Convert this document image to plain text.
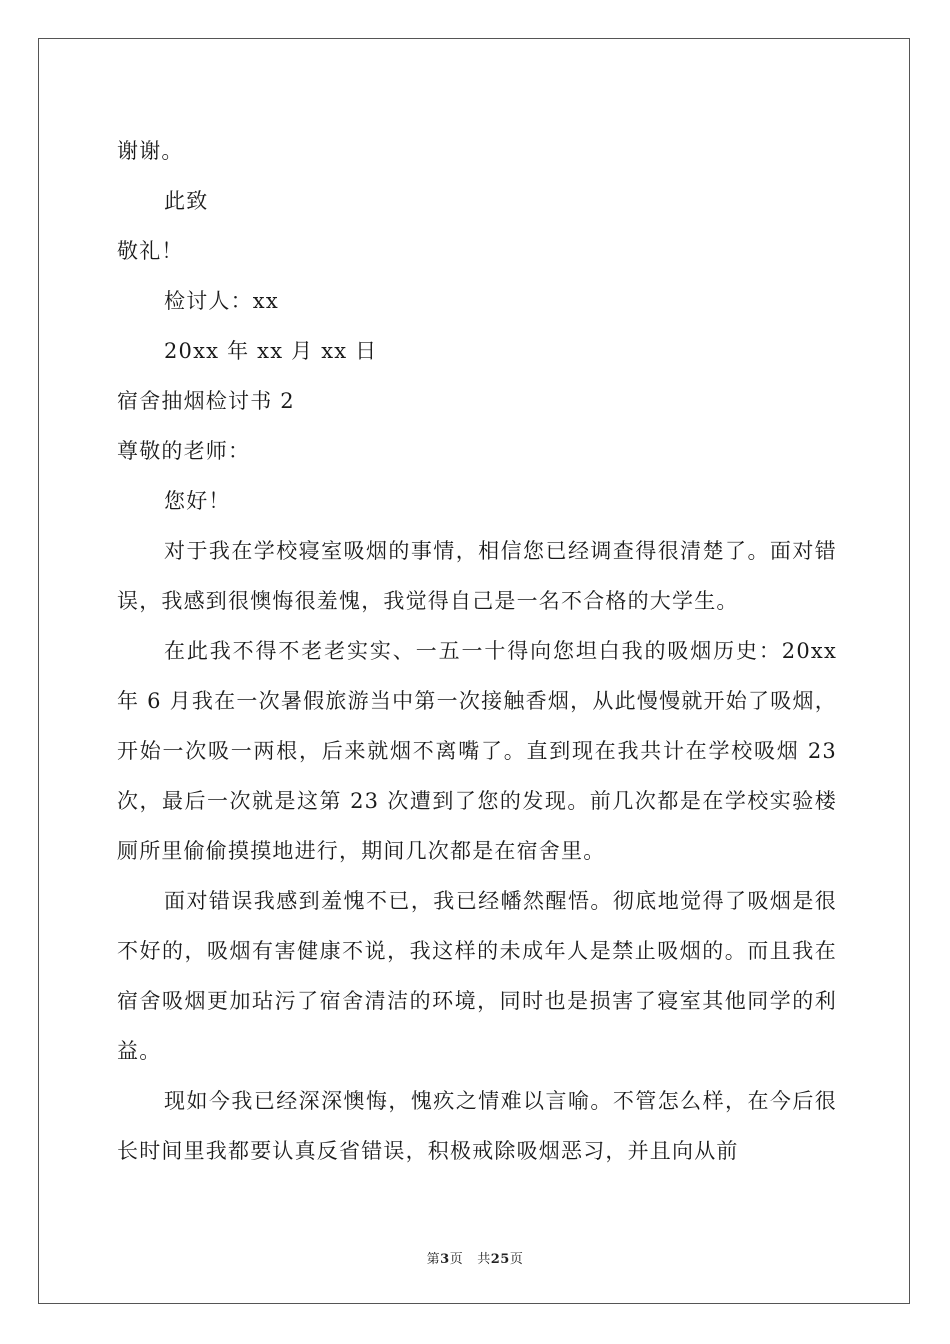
谢谢。
此致
敬礼！
检讨人：xx
20xx 年 xx 月 xx 日
宿舍抽烟检讨书 2
尊敬的老师：
您好！

对于我在学校寝室吸烟的事情，相信您已经调查得很清楚了。面对错误，我感到很懊悔很羞愧，我觉得自己是一名不合格的大学生。

在此我不得不老老实实、一五一十得向您坦白我的吸烟历史：20xx 年 6 月我在一次暑假旅游当中第一次接触香烟，从此慢慢就开始了吸烟，开始一次吸一两根，后来就烟不离嘴了。直到现在我共计在学校吸烟 23 次，最后一次就是这第 23 次遭到了您的发现。前几次都是在学校实验楼厕所里偷偷摸摸地进行，期间几次都是在宿舍里。

面对错误我感到羞愧不已，我已经幡然醒悟。彻底地觉得了吸烟是很不好的，吸烟有害健康不说，我这样的未成年人是禁止吸烟的。而且我在宿舍吸烟更加玷污了宿舍清洁的环境，同时也是损害了寝室其他同学的利益。

现如今我已经深深懊悔，愧疚之情难以言喻。不管怎么样，在今后很长时间里我都要认真反省错误，积极戒除吸烟恶习，并且向从前

第3页 共25页
